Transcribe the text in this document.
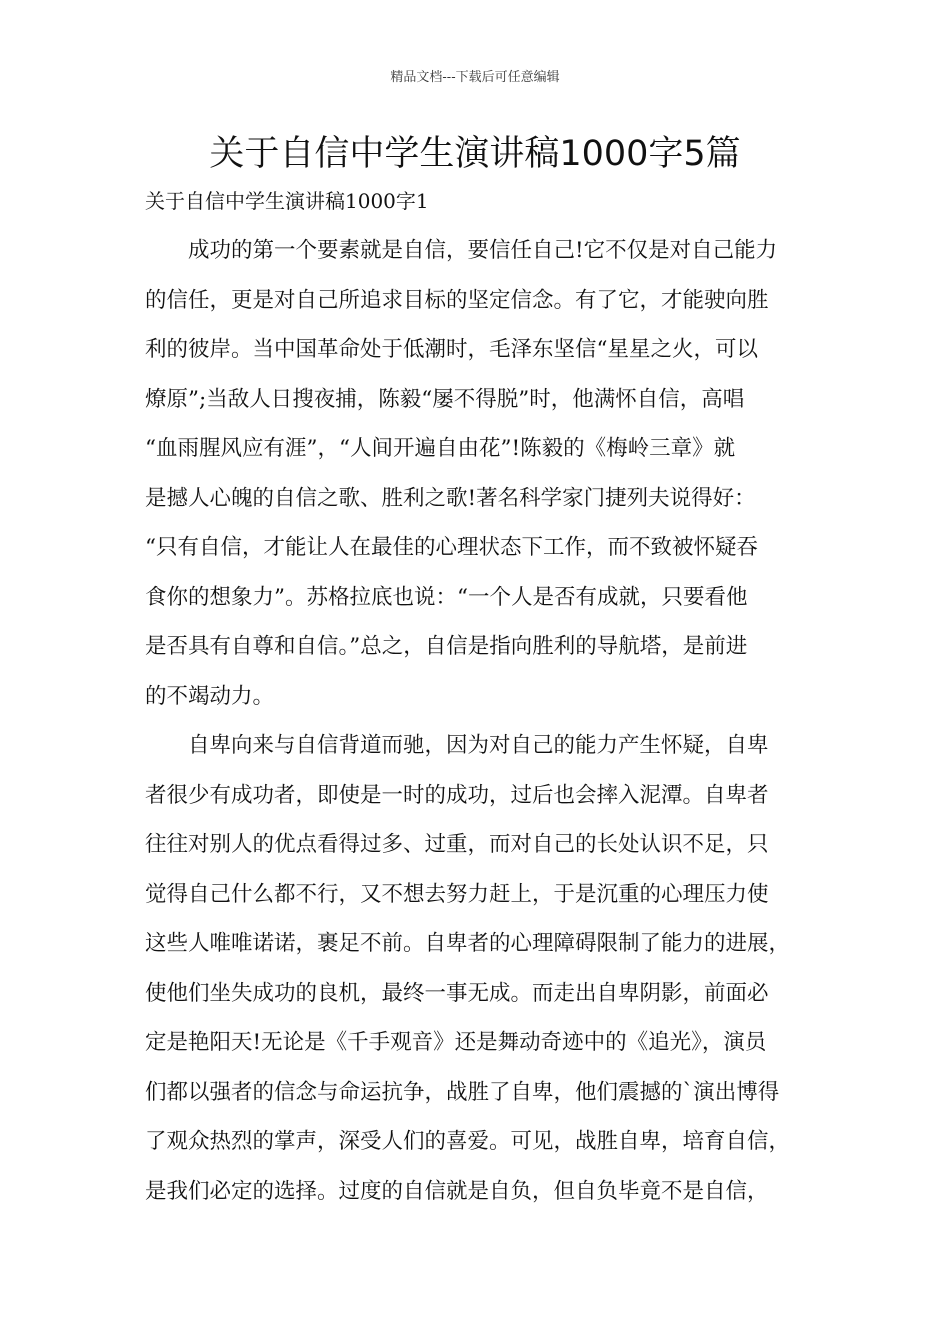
精品文档---下载后可任意编辑
关于自信中学生演讲稿1000字5篇
关于自信中学生演讲稿1000字1
成功的第一个要素就是自信，要信任自己!它不仅是对自己能力
的信任，更是对自己所追求目标的坚定信念。有了它，才能驶向胜
利的彼岸。当中国革命处于低潮时，毛泽东坚信“星星之火，可以
燎原”;当敌人日搜夜捕，陈毅“屡不得脱”时，他满怀自信，高唱
“血雨腥风应有涯”，“人间开遍自由花”!陈毅的《梅岭三章》就
是撼人心魄的自信之歌、胜利之歌!著名科学家门捷列夫说得好：
“只有自信，才能让人在最佳的心理状态下工作，而不致被怀疑吞
食你的想象力”。苏格拉底也说：“一个人是否有成就，只要看他
是否具有自尊和自信。”总之，自信是指向胜利的导航塔，是前进
的不竭动力。
自卑向来与自信背道而驰，因为对自己的能力产生怀疑，自卑
者很少有成功者，即使是一时的成功，过后也会摔入泥潭。自卑者
往往对别人的优点看得过多、过重，而对自己的长处认识不足，只
觉得自己什么都不行，又不想去努力赶上，于是沉重的心理压力使
这些人唯唯诺诺，裹足不前。自卑者的心理障碍限制了能力的进展，
使他们坐失成功的良机，最终一事无成。而走出自卑阴影，前面必
定是艳阳天!无论是《千手观音》还是舞动奇迹中的《追光》，演员
们都以强者的信念与命运抗争，战胜了自卑，他们震撼的`演出博得
了观众热烈的掌声，深受人们的喜爱。可见，战胜自卑，培育自信，
是我们必定的选择。过度的自信就是自负，但自负毕竟不是自信，
